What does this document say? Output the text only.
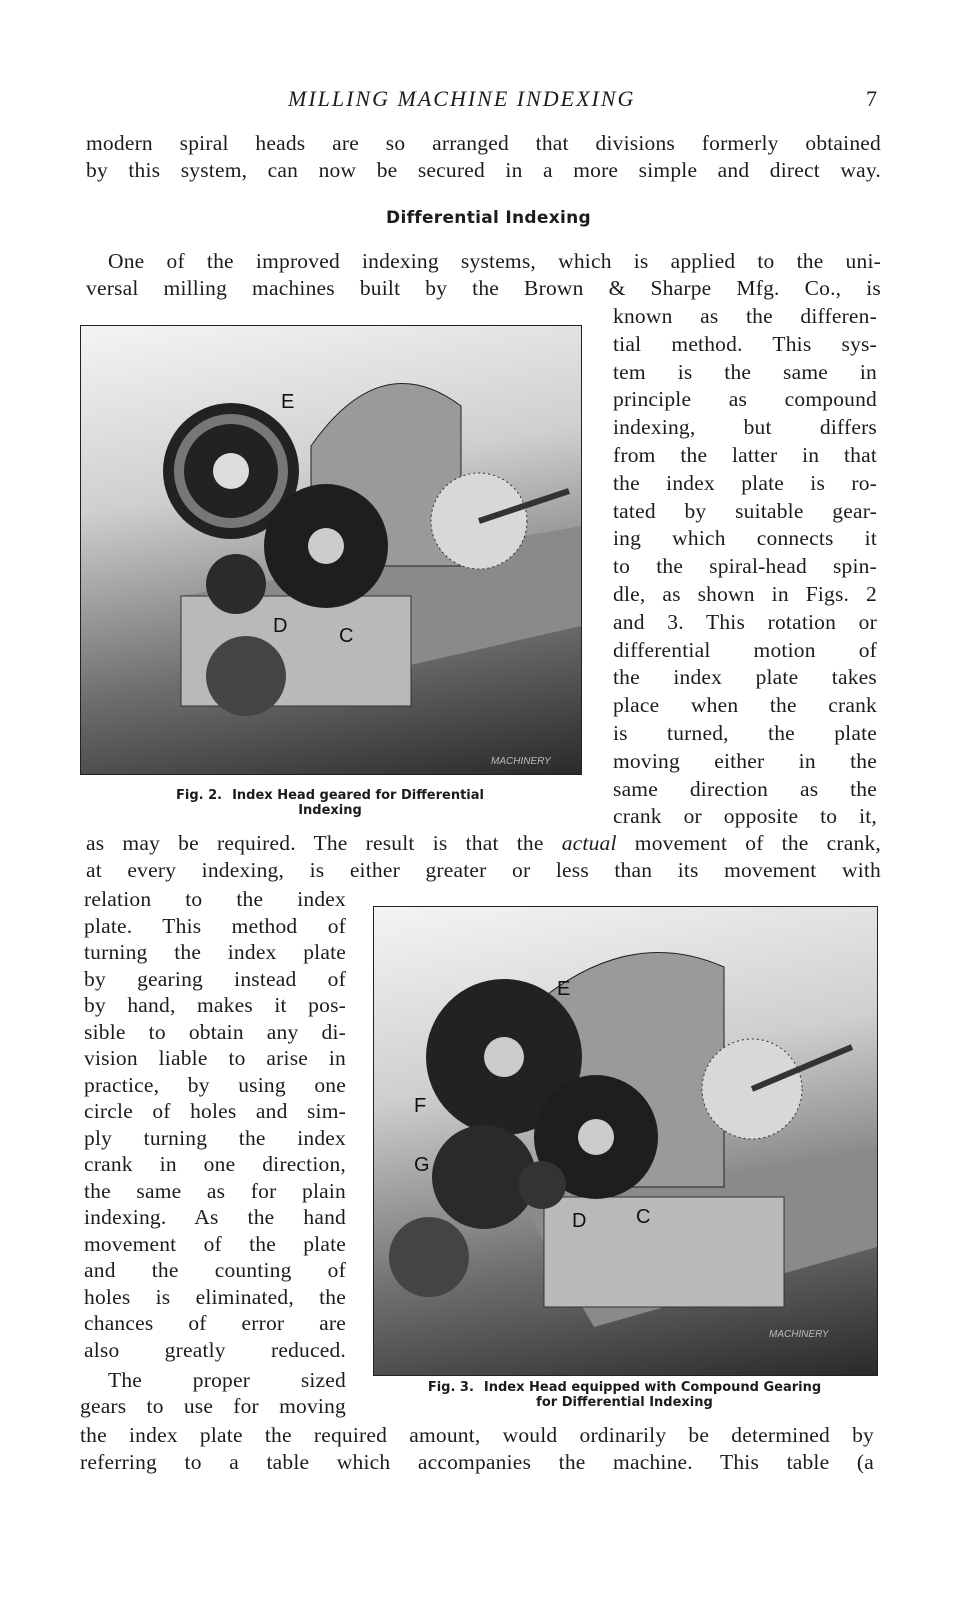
MILLING MACHINE INDEXING	7
modern spiral heads are so arranged that divisions formerly obtained
by this system, can now be secured in a more simple and direct way.
Differential Indexing
One of the improved indexing systems, which is applied to the uni-
versal milling machines built by the Brown & Sharpe Mfg. Co., is
known as the differen-
tial method. This sys-
tem is the same in
principle as compound
indexing, but differs
from the latter in that
the index plate is ro-
tated by suitable gear-
ing which connects it
to the spiral-head spin-
dle, as shown in Figs. 2
and 3. This rotation or
differential motion of
the index plate takes
place when the crank
is turned, the plate
moving either in the
same direction as the
crank or opposite to it,
E
D	C
MACHINERY
Fig. 2. Index Head geared for Differential
Indexing
as may be required. The result is that the actual movement of the crank,
at every indexing, is either greater or less than its movement with
relation to the index
plate. This method of
turning the index plate
by gearing instead of
by hand, makes it pos-
sible to obtain any di-
vision liable to arise in
practice, by using one
circle of holes and sim-
ply turning the index
crank in one direction,
the same as for plain
indexing. As the hand
movement of the plate
and the counting of
holes is eliminated, the
chances of error are
also greatly reduced.
E
F
G
D C
MACHINERY
Fig. 3. Index Head equipped with Compound Gearing
for Differential Indexing
The proper sized
gears to use for moving
the index plate the required amount, would ordinarily be determined by
referring to a table which accompanies the machine. This table (a
